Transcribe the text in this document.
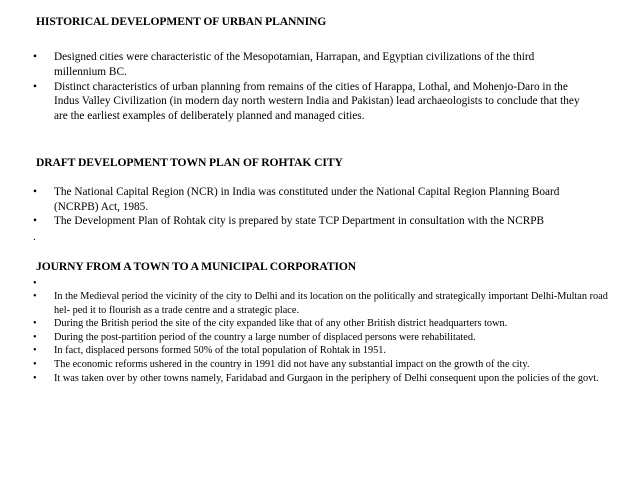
HISTORICAL DEVELOPMENT OF URBAN PLANNING
• Designed cities were characteristic of the Mesopotamian, Harrapan, and Egyptian civilizations of the third millennium BC.
• Distinct characteristics of urban planning from remains of the cities of Harappa, Lothal, and Mohenjo-Daro in the Indus Valley Civilization (in modern day north western India and Pakistan) lead archaeologists to conclude that they are the earliest examples of deliberately planned and managed cities.
DRAFT DEVELOPMENT TOWN PLAN OF ROHTAK CITY
• The National Capital Region (NCR) in India was constituted under the National Capital Region Planning Board (NCRPB) Act, 1985.
• The Development Plan of Rohtak city is prepared by state TCP Department in consultation with the NCRPB
.
JOURNY FROM A TOWN TO A MUNICIPAL CORPORATION
•
• In the Medieval period the vicinity of the city to Delhi and its location on the politically and strategically important Delhi-Multan road hel- ped it to flourish as a trade centre and a strategic place.
• During the British period the site of the city expanded like that of any other British district headquarters town.
• During the post-partition period of the country a large number of displaced persons were rehabilitated.
• In fact, displaced persons formed 50% of the total population of Rohtak in 1951.
• The economic reforms ushered in the country in 1991 did not have any substantial impact on the growth of the city.
• It was taken over by other towns namely, Faridabad and Gurgaon in the periphery of Delhi consequent upon the policies of the govt.
